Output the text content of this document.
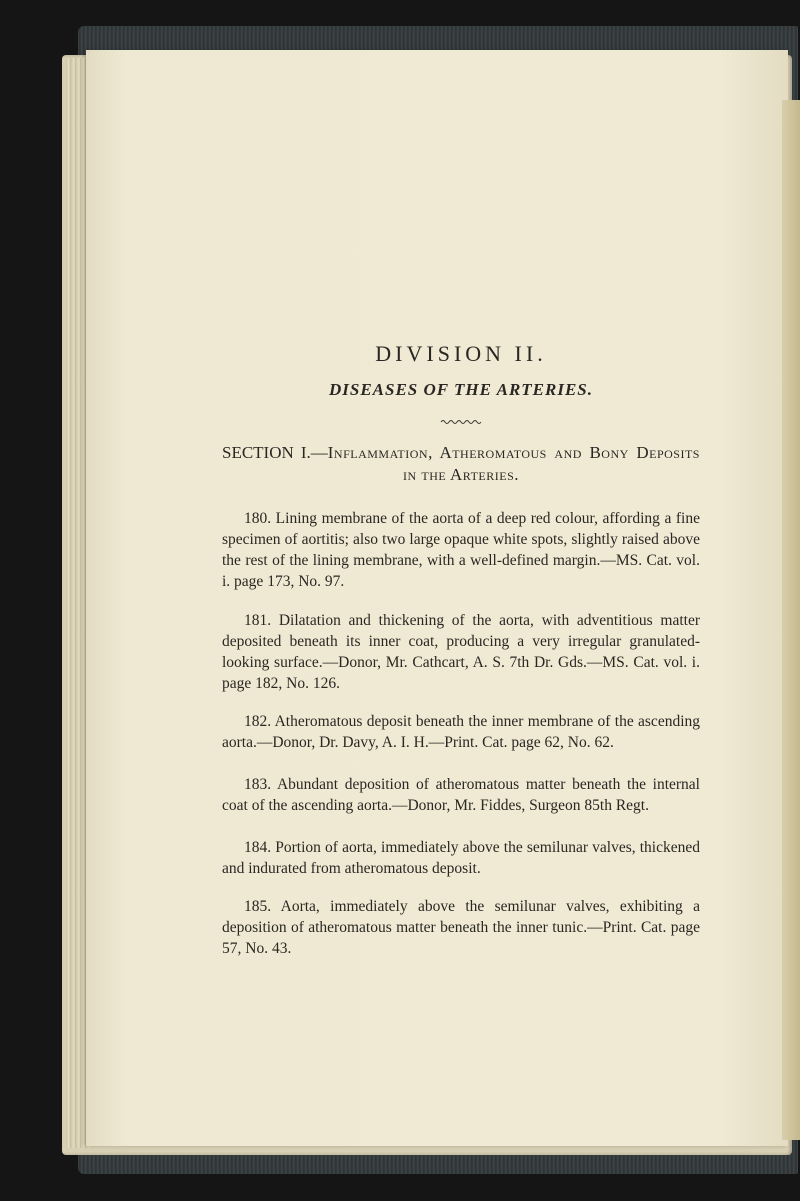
DIVISION II.
DISEASES OF THE ARTERIES.

SECTION I.—Inflammation, Atheromatous and Bony Deposits in the Arteries.

180. Lining membrane of the aorta of a deep red colour, affording a fine specimen of aortitis; also two large opaque white spots, slightly raised above the rest of the lining membrane, with a well-defined margin.—MS. Cat. vol. i. page 173, No. 97.

181. Dilatation and thickening of the aorta, with adventitious matter deposited beneath its inner coat, producing a very irregular granulated-looking surface.—Donor, Mr. Cathcart, A. S. 7th Dr. Gds.—MS. Cat. vol. i. page 182, No. 126.

182. Atheromatous deposit beneath the inner membrane of the ascending aorta.—Donor, Dr. Davy, A. I. H.—Print. Cat. page 62, No. 62.

183. Abundant deposition of atheromatous matter beneath the internal coat of the ascending aorta.—Donor, Mr. Fiddes, Surgeon 85th Regt.

184. Portion of aorta, immediately above the semilunar valves, thickened and indurated from atheromatous deposit.

185. Aorta, immediately above the semilunar valves, exhibiting a deposition of atheromatous matter beneath the inner tunic.—Print. Cat. page 57, No. 43.
